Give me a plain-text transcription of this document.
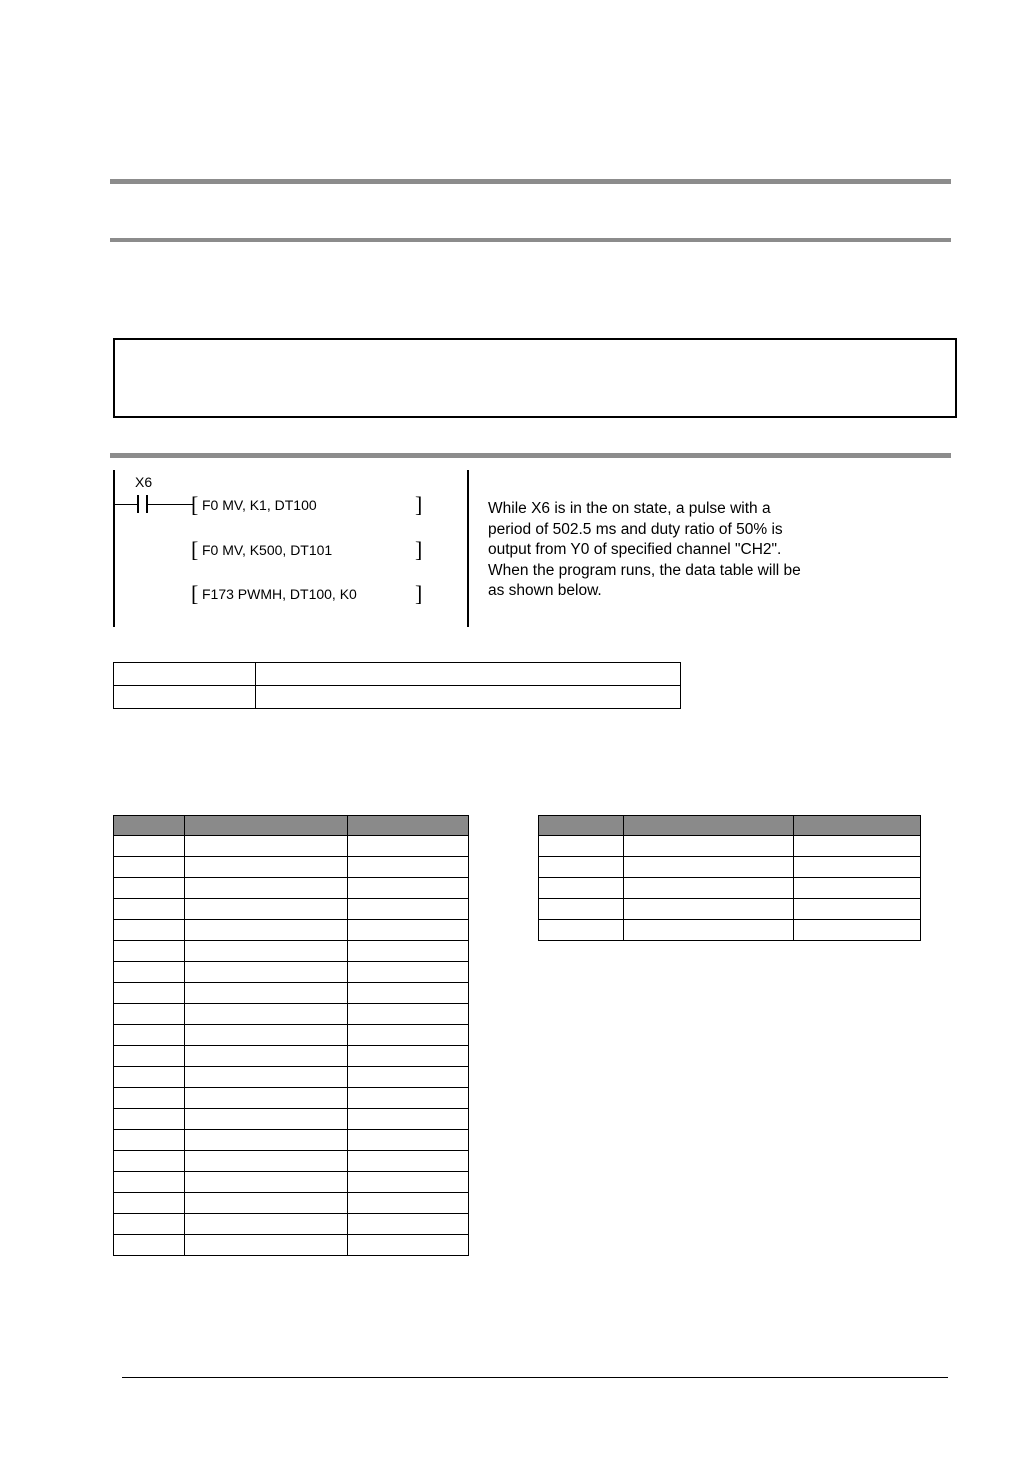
X6
[ F0 MV, K1, DT100	]
[ F0 MV, K500, DT101	]
[ F173 PWMH, DT100, K0	]
While X6 is in the on state, a pulse with a
period of 502.5 ms and duty ratio of 50% is
output from Y0 of specified channel "CH2".
When the program runs, the data table will be
as shown below.
